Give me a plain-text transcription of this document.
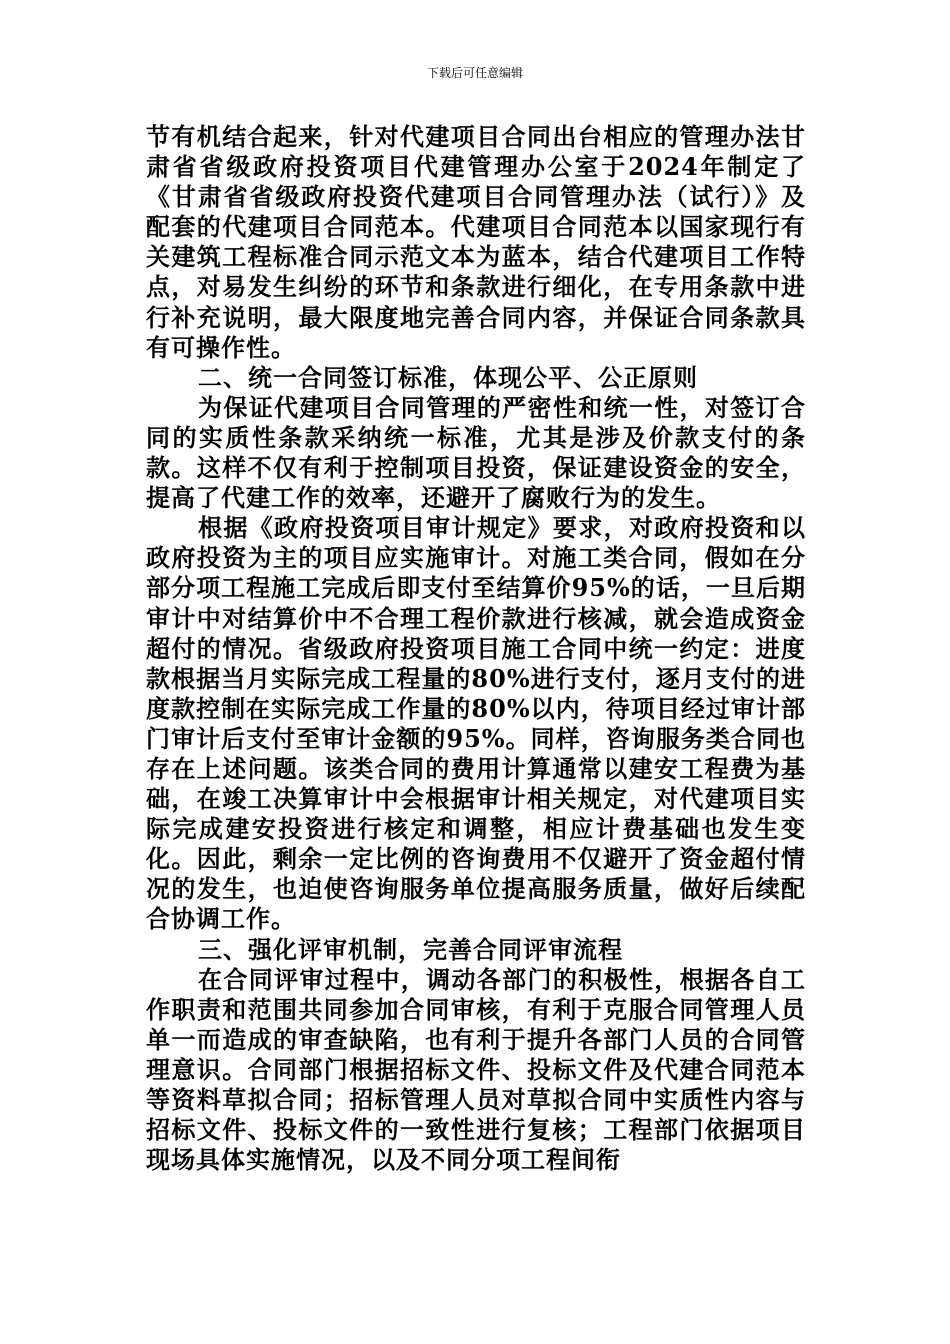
下载后可任意编辑

节有机结合起来，针对代建项目合同出台相应的管理办法甘肃省省级政府投资项目代建管理办公室于2024年制定了《甘肃省省级政府投资代建项目合同管理办法（试行）》及配套的代建项目合同范本。代建项目合同范本以国家现行有关建筑工程标准合同示范文本为蓝本，结合代建项目工作特点，对易发生纠纷的环节和条款进行细化，在专用条款中进行补充说明，最大限度地完善合同内容，并保证合同条款具有可操作性。

二、统一合同签订标准，体现公平、公正原则

为保证代建项目合同管理的严密性和统一性，对签订合同的实质性条款采纳统一标准，尤其是涉及价款支付的条款。这样不仅有利于控制项目投资，保证建设资金的安全，提高了代建工作的效率，还避开了腐败行为的发生。

根据《政府投资项目审计规定》要求，对政府投资和以政府投资为主的项目应实施审计。对施工类合同，假如在分部分项工程施工完成后即支付至结算价95%的话，一旦后期审计中对结算价中不合理工程价款进行核减，就会造成资金超付的情况。省级政府投资项目施工合同中统一约定：进度款根据当月实际完成工程量的80%进行支付，逐月支付的进度款控制在实际完成工作量的80%以内，待项目经过审计部门审计后支付至审计金额的95%。同样，咨询服务类合同也存在上述问题。该类合同的费用计算通常以建安工程费为基础，在竣工决算审计中会根据审计相关规定，对代建项目实际完成建安投资进行核定和调整，相应计费基础也发生变化。因此，剩余一定比例的咨询费用不仅避开了资金超付情况的发生，也迫使咨询服务单位提高服务质量，做好后续配合协调工作。

三、强化评审机制，完善合同评审流程

在合同评审过程中，调动各部门的积极性，根据各自工作职责和范围共同参加合同审核，有利于克服合同管理人员单一而造成的审查缺陷，也有利于提升各部门人员的合同管理意识。合同部门根据招标文件、投标文件及代建合同范本等资料草拟合同；招标管理人员对草拟合同中实质性内容与招标文件、投标文件的一致性进行复核；工程部门依据项目现场具体实施情况，以及不同分项工程间衔
